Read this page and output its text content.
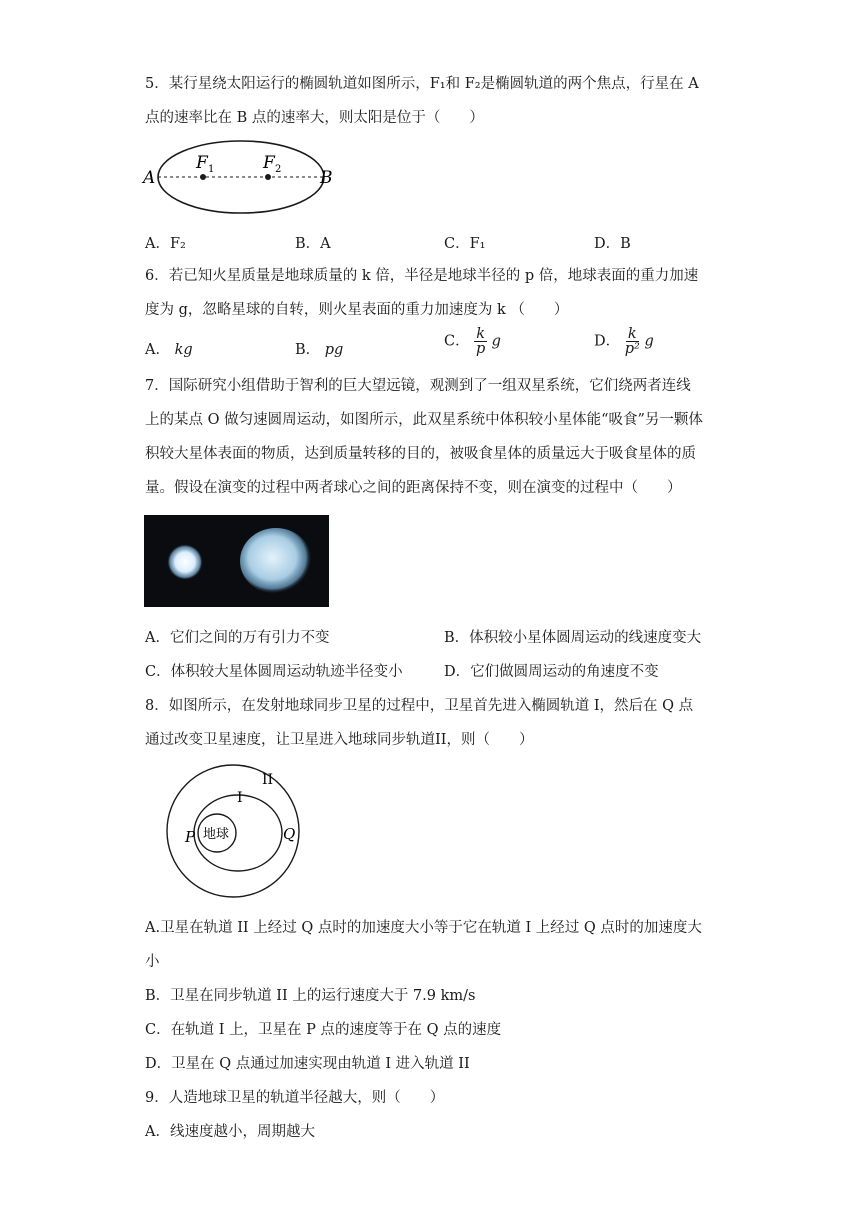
5．某行星绕太阳运行的椭圆轨道如图所示，F₁和 F₂是椭圆轨道的两个焦点，行星在 A
点的速率比在 B 点的速率大，则太阳是位于（　　）
A	B
F 1	F 2
A．F₂	B．A	C．F₁	D．B
6．若已知火星质量是地球质量的 k 倍，半径是地球半径的 p 倍，地球表面的重力加速
度为 g，忽略星球的自转，则火星表面的重力加速度为 k （　　）
A． kg	B． pg
C． $\frac{k}{p}$ g	D． $\frac{k}{\text{p²}}$ g
7．国际研究小组借助于智利的巨大望远镜，观测到了一组双星系统，它们绕两者连线
上的某点 O 做匀速圆周运动，如图所示，此双星系统中体积较小星体能“吸食”另一颗体
积较大星体表面的物质，达到质量转移的目的，被吸食星体的质量远大于吸食星体的质
量。假设在演变的过程中两者球心之间的距离保持不变，则在演变的过程中（　　）
A．它们之间的万有引力不变	B．体积较小星体圆周运动的线速度变大
C．体积较大星体圆周运动轨迹半径变小	D．它们做圆周运动的角速度不变
8．如图所示，在发射地球同步卫星的过程中，卫星首先进入椭圆轨道 I，然后在 Q 点
通过改变卫星速度，让卫星进入地球同步轨道II，则（　　）
II
I
P	Q
地球
A.卫星在轨道 II 上经过 Q 点时的加速度大小等于它在轨道 I 上经过 Q 点时的加速度大
小
B．卫星在同步轨道 II 上的运行速度大于 7.9 km/s
C．在轨道 I 上，卫星在 P 点的速度等于在 Q 点的速度
D．卫星在 Q 点通过加速实现由轨道 I 进入轨道 II
9．人造地球卫星的轨道半径越大，则（　　）
A．线速度越小，周期越大
